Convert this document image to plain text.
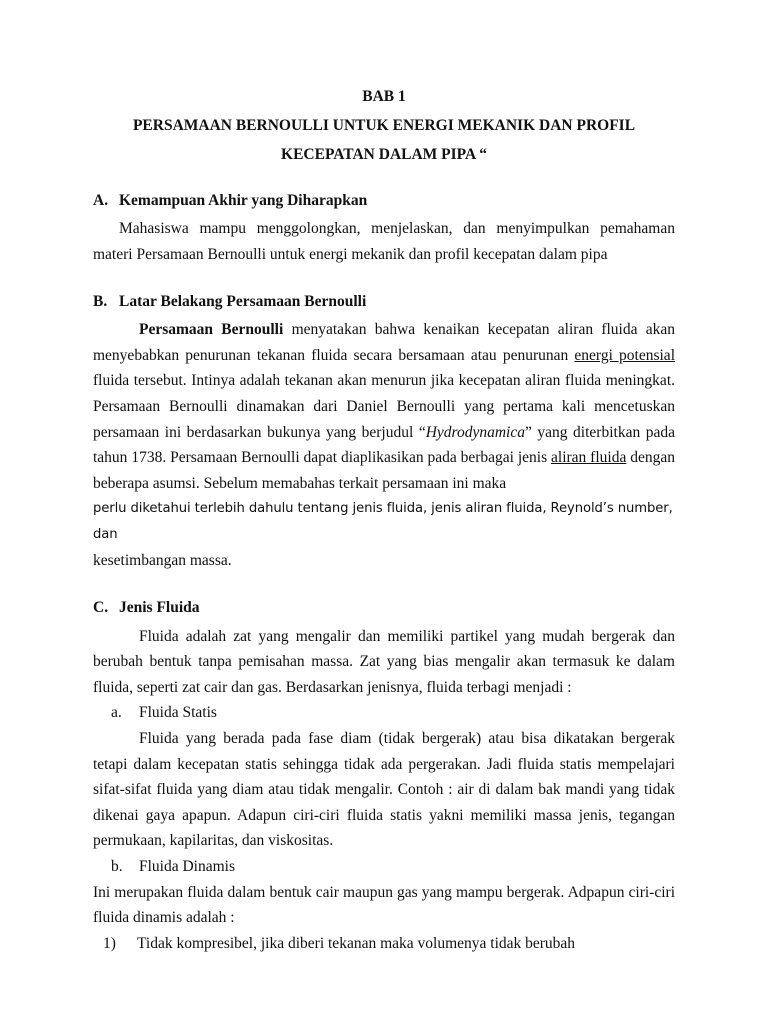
BAB 1
PERSAMAAN BERNOULLI UNTUK ENERGI MEKANIK DAN PROFIL
KECEPATAN DALAM PIPA “
A. Kemampuan Akhir yang Diharapkan

Mahasiswa mampu menggolongkan, menjelaskan, dan menyimpulkan pemahaman materi Persamaan Bernoulli untuk energi mekanik dan profil kecepatan dalam pipa

B. Latar Belakang Persamaan Bernoulli

Persamaan Bernoulli menyatakan bahwa kenaikan kecepatan aliran fluida akan menyebabkan penurunan tekanan fluida secara bersamaan atau penurunan energi potensial fluida tersebut. Intinya adalah tekanan akan menurun jika kecepatan aliran fluida meningkat. Persamaan Bernoulli dinamakan dari Daniel Bernoulli yang pertama kali mencetuskan persamaan ini berdasarkan bukunya yang berjudul “Hydrodynamica” yang diterbitkan pada tahun 1738. Persamaan Bernoulli dapat diaplikasikan pada berbagai jenis aliran fluida dengan beberapa asumsi. Sebelum memabahas terkait persamaan ini maka

perlu diketahui terlebih dahulu tentang jenis fluida, jenis aliran fluida, Reynold’s number, dan

kesetimbangan massa.

C. Jenis Fluida

Fluida adalah zat yang mengalir dan memiliki partikel yang mudah bergerak dan berubah bentuk tanpa pemisahan massa. Zat yang bias mengalir akan termasuk ke dalam fluida, seperti zat cair dan gas. Berdasarkan jenisnya, fluida terbagi menjadi :

a. Fluida Statis

Fluida yang berada pada fase diam (tidak bergerak) atau bisa dikatakan bergerak tetapi dalam kecepatan statis sehingga tidak ada pergerakan. Jadi fluida statis mempelajari sifat-sifat fluida yang diam atau tidak mengalir. Contoh : air di dalam bak mandi yang tidak dikenai gaya apapun. Adapun ciri-ciri fluida statis yakni memiliki massa jenis, tegangan permukaan, kapilaritas, dan viskositas.

b. Fluida Dinamis

Ini merupakan fluida dalam bentuk cair maupun gas yang mampu bergerak. Adpapun ciri-ciri fluida dinamis adalah :

1) Tidak kompresibel, jika diberi tekanan maka volumenya tidak berubah
